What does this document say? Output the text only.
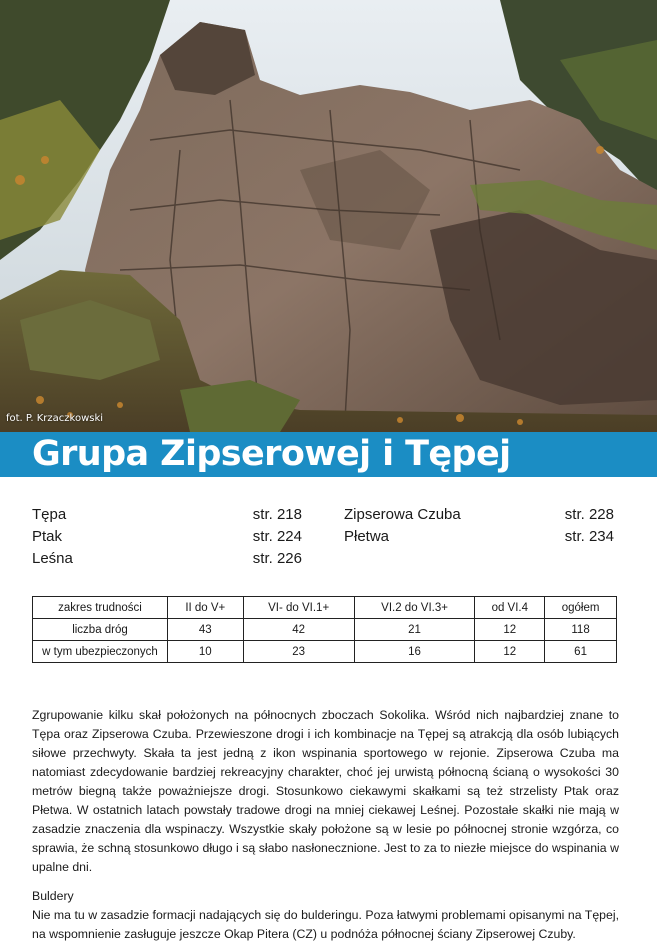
fot. P. Krzaczkowski
Grupa Zipserowej i Tępej
Tępa	str. 218
Ptak	str. 224
Leśna	str. 226
Zipserowa Czuba	str. 228
Płetwa	str. 234
zakres trudności	II do V+	VI- do VI.1+	VI.2 do VI.3+	od VI.4	ogółem
liczba dróg	43	42	21	12	118
w tym ubezpieczonych	10	23	16	12	61

Zgrupowanie kilku skał położonych na północnych zboczach Sokolika. Wśród nich najbardziej znane to Tępa oraz Zipserowa Czuba. Przewieszone drogi i ich kombinacje na Tępej są atrakcją dla osób lubiących siłowe przechwyty. Skała ta jest jedną z ikon wspinania sportowego w rejonie. Zipserowa Czuba ma natomiast zdecydowanie bardziej rekreacyjny charakter, choć jej urwistą północną ścianą o wysokości 30 metrów biegną także poważniejsze drogi. Stosunkowo ciekawymi skałkami są też strzelisty Ptak oraz Płetwa. W ostatnich latach powstały tradowe drogi na mniej ciekawej Leśnej. Pozostałe skałki nie mają w zasadzie znaczenia dla wspinaczy. Wszystkie skały położone są w lesie po północnej stronie wzgórza, co sprawia, że schną stosunkowo długo i są słabo nasłonecznione. Jest to za to niezłe miejsce do wspinania w upalne dni.

Buldery

Nie ma tu w zasadzie formacji nadających się do bulderingu. Poza łatwymi problemami opisanymi na Tępej, na wspomnienie zasługuje jeszcze Okap Pitera (CZ) u podnóża północnej ściany Zipserowej Czuby.
